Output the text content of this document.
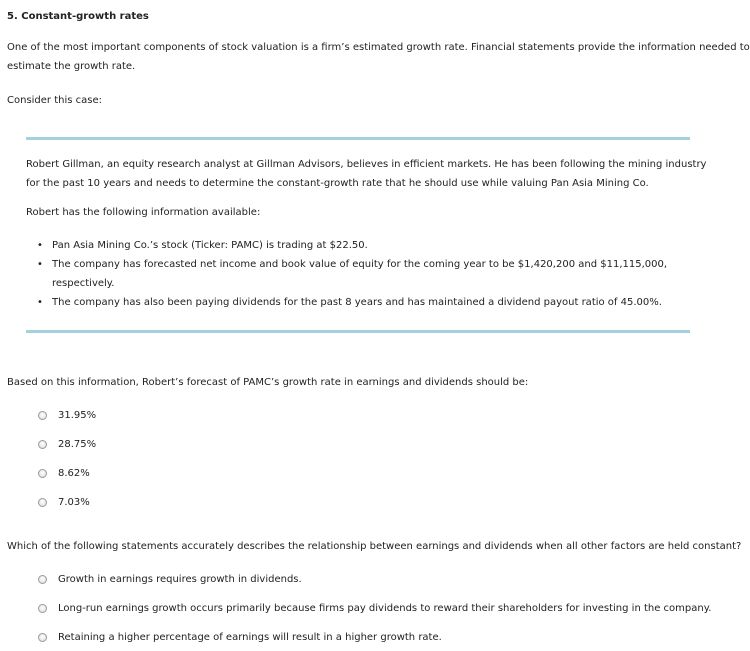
5. Constant-growth rates
One of the most important components of stock valuation is a firm’s estimated growth rate. Financial statements provide the information needed to
estimate the growth rate.
Consider this case:
Robert Gillman, an equity research analyst at Gillman Advisors, believes in efficient markets. He has been following the mining industry
for the past 10 years and needs to determine the constant-growth rate that he should use while valuing Pan Asia Mining Co.
Robert has the following information available:
• Pan Asia Mining Co.’s stock (Ticker: PAMC) is trading at $22.50.
• The company has forecasted net income and book value of equity for the coming year to be $1,420,200 and $11,115,000,
respectively.
• The company has also been paying dividends for the past 8 years and has maintained a dividend payout ratio of 45.00%.
Based on this information, Robert’s forecast of PAMC’s growth rate in earnings and dividends should be:
31.95%
28.75%
8.62%
7.03%
Which of the following statements accurately describes the relationship between earnings and dividends when all other factors are held constant?
Growth in earnings requires growth in dividends.
Long-run earnings growth occurs primarily because firms pay dividends to reward their shareholders for investing in the company.
Retaining a higher percentage of earnings will result in a higher growth rate.
